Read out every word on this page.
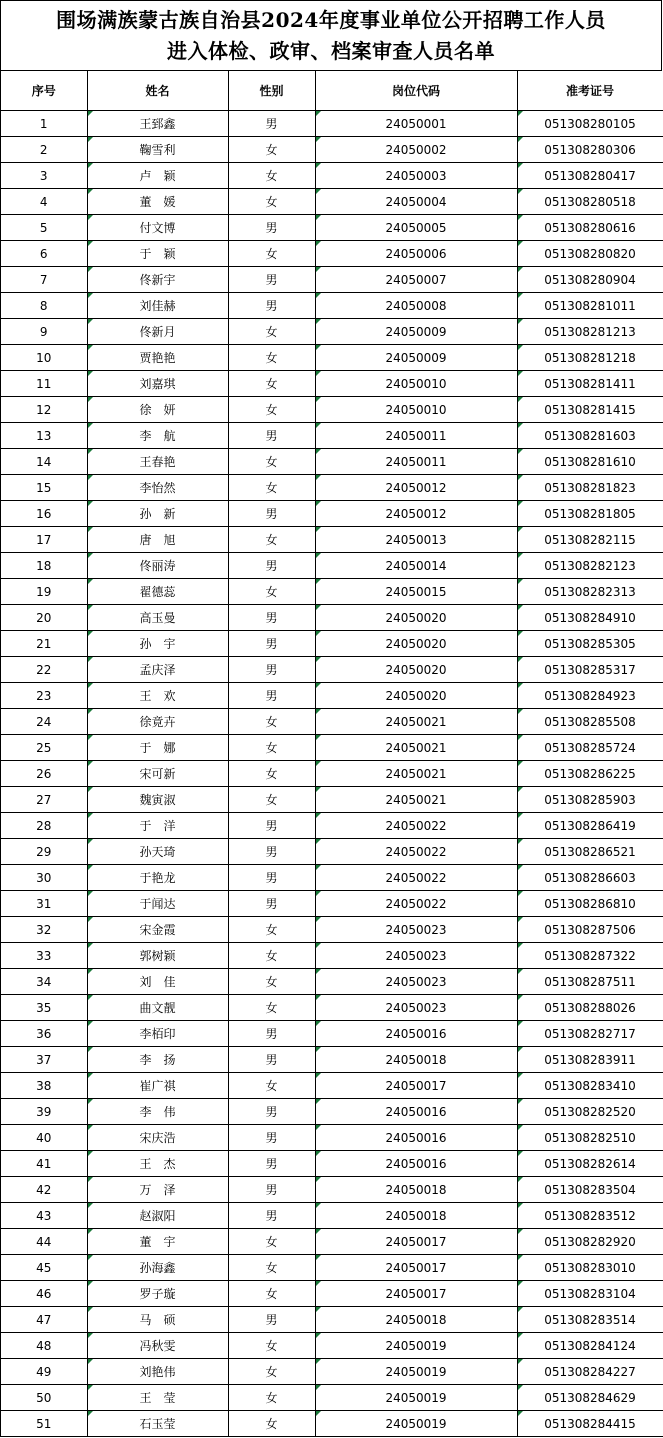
围场满族蒙古族自治县2024年度事业单位公开招聘工作人员
进入体检、政审、档案审查人员名单
序号	姓名	性别	岗位代码	准考证号
1	王郅鑫	男	24050001	051308280105
2	鞠雪利	女	24050002	051308280306
3	卢　颖	女	24050003	051308280417
4	董　媛	女	24050004	051308280518
5	付文博	男	24050005	051308280616
6	于　颖	女	24050006	051308280820
7	佟新宇	男	24050007	051308280904
8	刘佳赫	男	24050008	051308281011
9	佟新月	女	24050009	051308281213
10	贾艳艳	女	24050009	051308281218
11	刘嘉琪	女	24050010	051308281411
12	徐　妍	女	24050010	051308281415
13	李　航	男	24050011	051308281603
14	王春艳	女	24050011	051308281610
15	李怡然	女	24050012	051308281823
16	孙　新	男	24050012	051308281805
17	唐　旭	女	24050013	051308282115
18	佟丽涛	男	24050014	051308282123
19	翟德蕊	女	24050015	051308282313
20	高玉曼	男	24050020	051308284910
21	孙　宇	男	24050020	051308285305
22	孟庆泽	男	24050020	051308285317
23	王　欢	男	24050020	051308284923
24	徐竟卉	女	24050021	051308285508
25	于　娜	女	24050021	051308285724
26	宋可新	女	24050021	051308286225
27	魏寅淑	女	24050021	051308285903
28	于　洋	男	24050022	051308286419
29	孙天琦	男	24050022	051308286521
30	于艳龙	男	24050022	051308286603
31	于闻达	男	24050022	051308286810
32	宋金霞	女	24050023	051308287506
33	郭树颖	女	24050023	051308287322
34	刘　佳	女	24050023	051308287511
35	曲文靓	女	24050023	051308288026
36	李栢印	男	24050016	051308282717
37	李　扬	男	24050018	051308283911
38	崔广祺	女	24050017	051308283410
39	李　伟	男	24050016	051308282520
40	宋庆浩	男	24050016	051308282510
41	王　杰	男	24050016	051308282614
42	万　泽	男	24050018	051308283504
43	赵淑阳	男	24050018	051308283512
44	董　宇	女	24050017	051308282920
45	孙海鑫	女	24050017	051308283010
46	罗子璇	女	24050017	051308283104
47	马　硕	男	24050018	051308283514
48	冯秋雯	女	24050019	051308284124
49	刘艳伟	女	24050019	051308284227
50	王　莹	女	24050019	051308284629
51	石玉莹	女	24050019	051308284415
